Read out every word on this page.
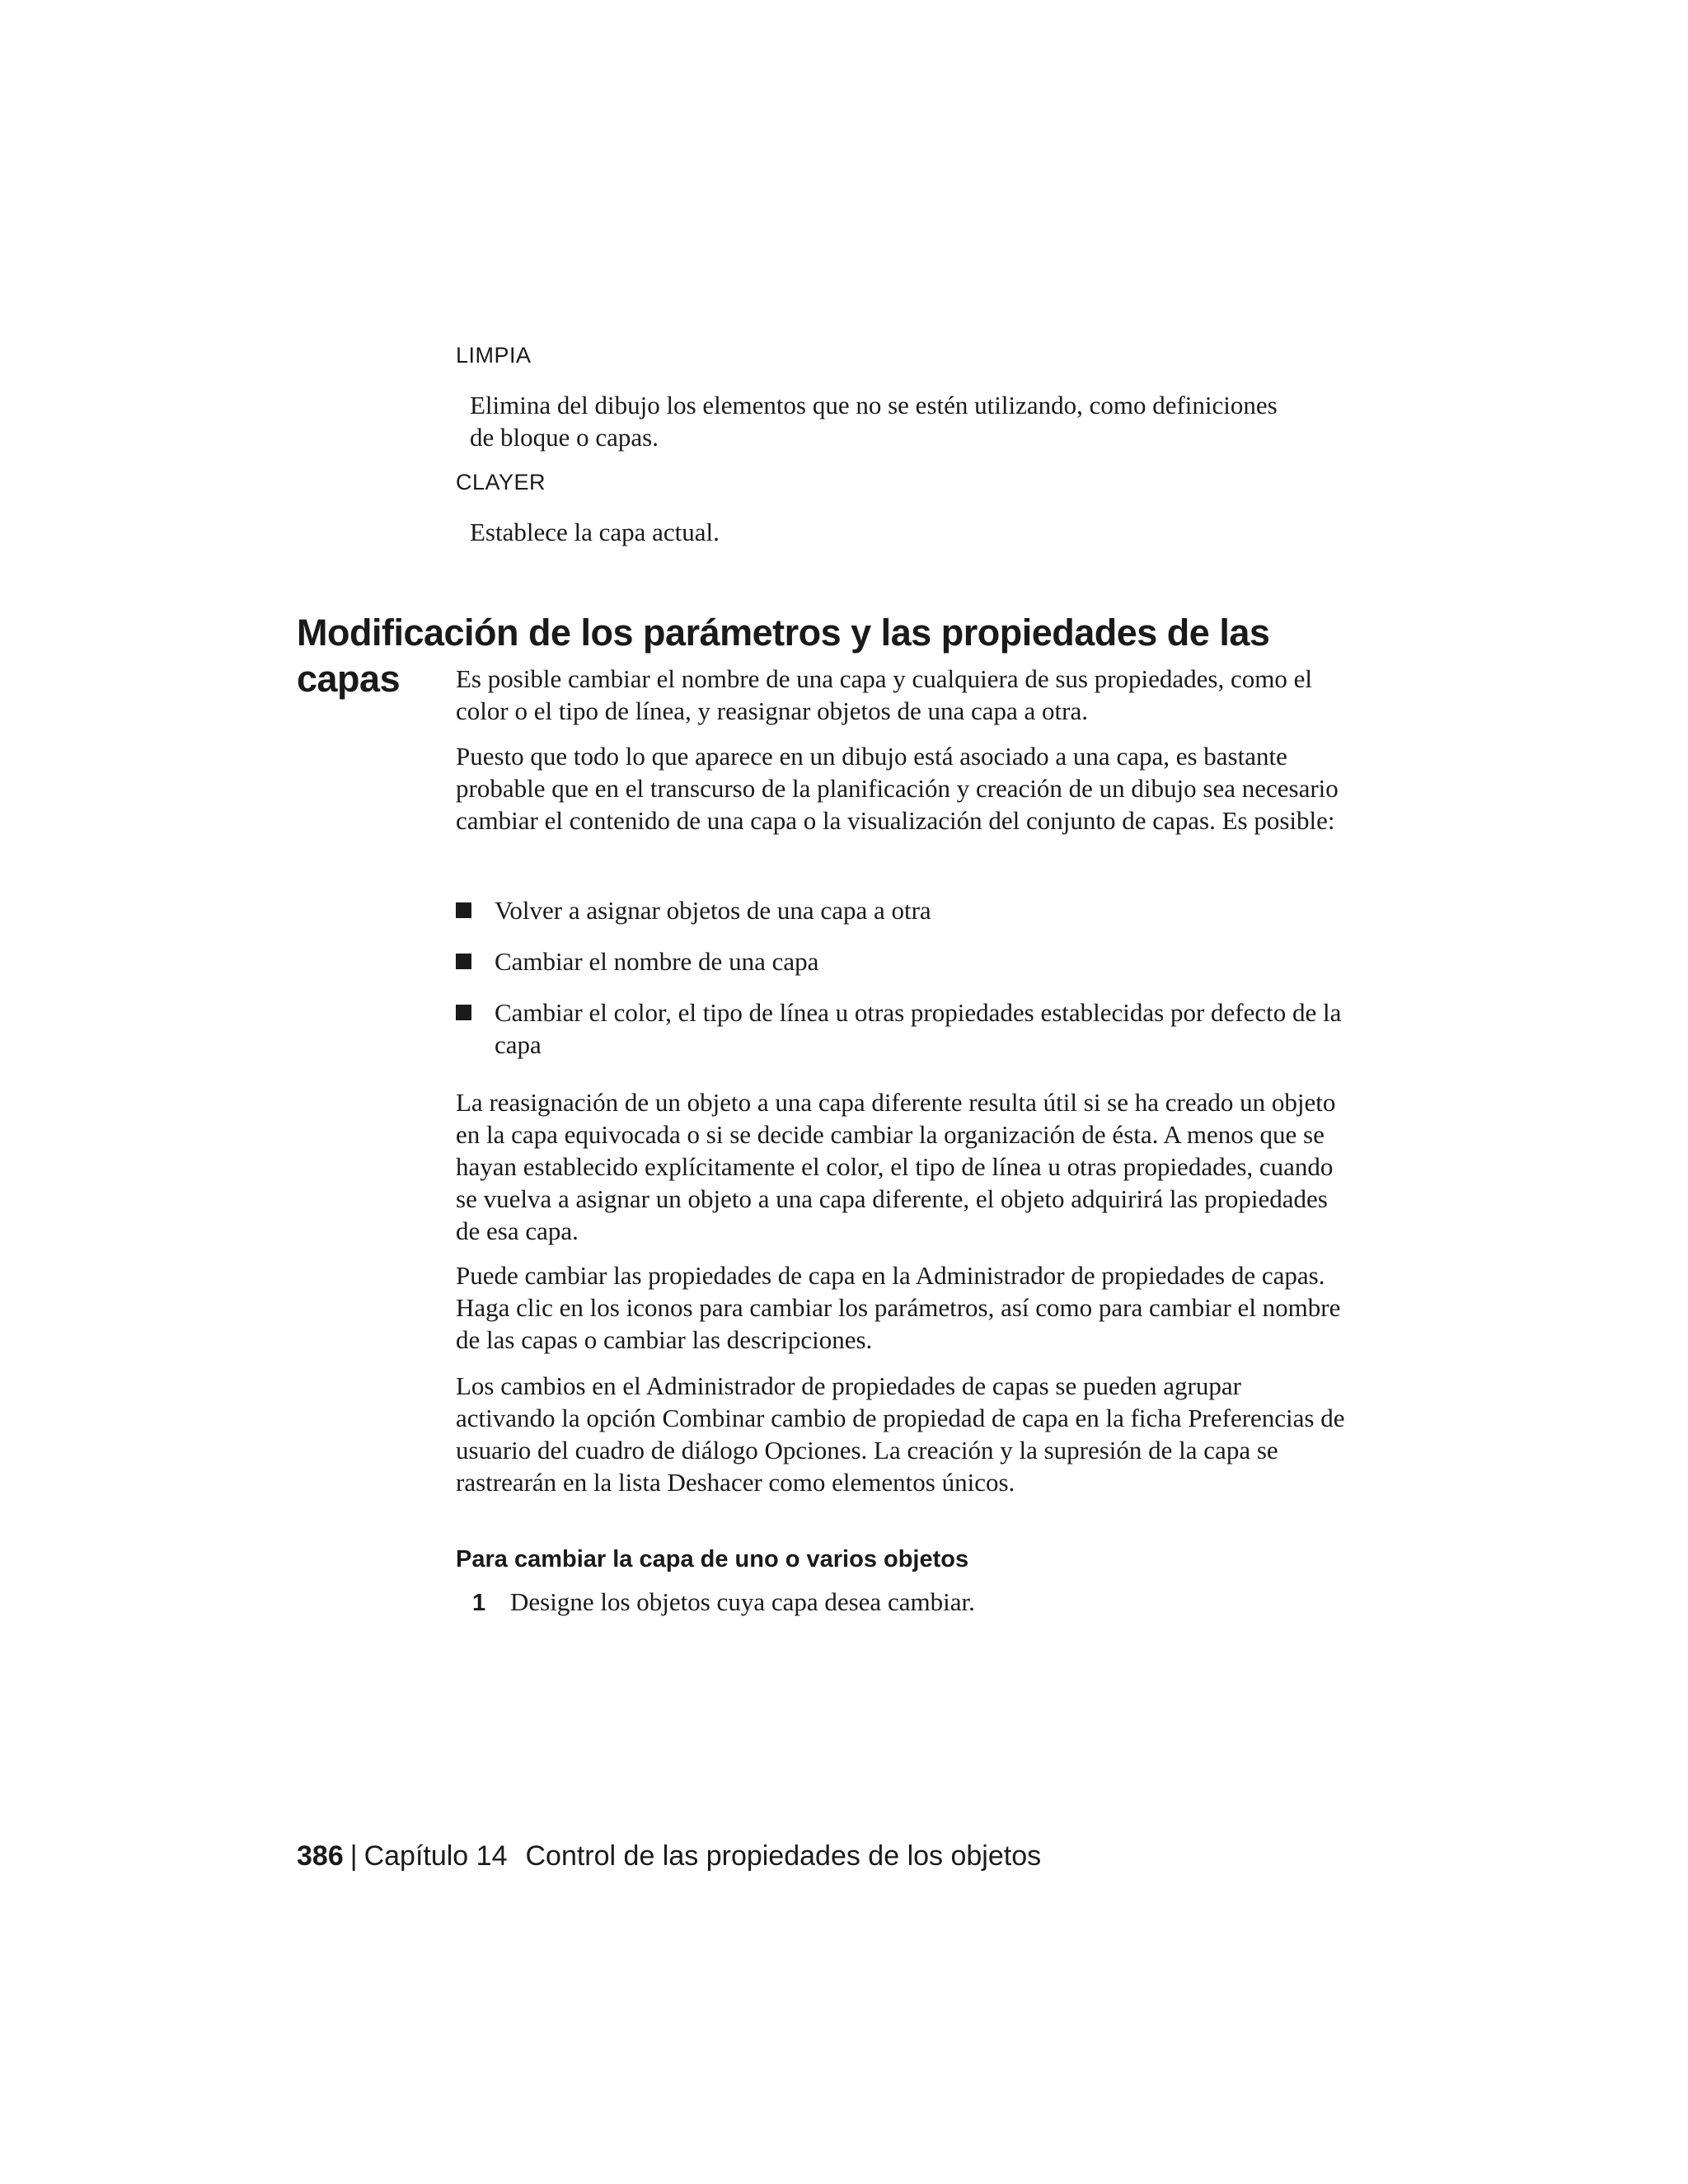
LIMPIA
Elimina del dibujo los elementos que no se estén utilizando, como definiciones de bloque o capas.
CLAYER
Establece la capa actual.
Modificación de los parámetros y las propiedades de las capas	Es posible cambiar el nombre de una capa y cualquiera de sus propiedades, como el color o el tipo de línea, y reasignar objetos de una capa a otra.
Puesto que todo lo que aparece en un dibujo está asociado a una capa, es bastante probable que en el transcurso de la planificación y creación de un dibujo sea necesario cambiar el contenido de una capa o la visualización del conjunto de capas. Es posible:
Volver a asignar objetos de una capa a otra
Cambiar el nombre de una capa
Cambiar el color, el tipo de línea u otras propiedades establecidas por defecto de la capa
La reasignación de un objeto a una capa diferente resulta útil si se ha creado un objeto en la capa equivocada o si se decide cambiar la organización de ésta. A menos que se hayan establecido explícitamente el color, el tipo de línea u otras propiedades, cuando se vuelva a asignar un objeto a una capa diferente, el objeto adquirirá las propiedades de esa capa.
Puede cambiar las propiedades de capa en la Administrador de propiedades de capas. Haga clic en los iconos para cambiar los parámetros, así como para cambiar el nombre de las capas o cambiar las descripciones.
Los cambios en el Administrador de propiedades de capas se pueden agrupar activando la opción Combinar cambio de propiedad de capa en la ficha Preferencias de usuario del cuadro de diálogo Opciones. La creación y la supresión de la capa se rastrearán en la lista Deshacer como elementos únicos.
Para cambiar la capa de uno o varios objetos
1 Designe los objetos cuya capa desea cambiar.
386 | Capítulo 14 Control de las propiedades de los objetos
